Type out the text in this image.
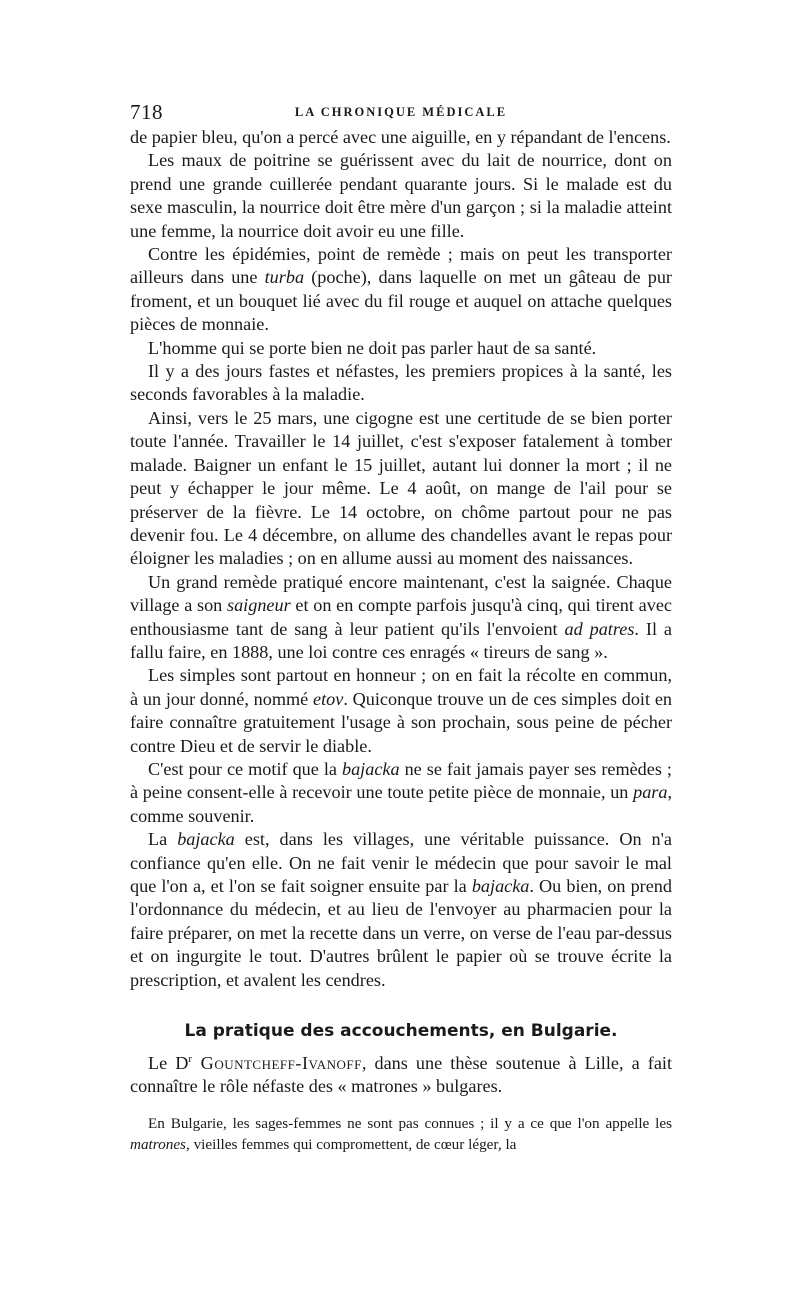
718	LA CHRONIQUE MÉDICALE

de papier bleu, qu'on a percé avec une aiguille, en y répandant de l'encens.

Les maux de poitrine se guérissent avec du lait de nourrice, dont on prend une grande cuillerée pendant quarante jours. Si le malade est du sexe masculin, la nourrice doit être mère d'un garçon ; si la maladie atteint une femme, la nourrice doit avoir eu une fille.

Contre les épidémies, point de remède ; mais on peut les transporter ailleurs dans une turba (poche), dans laquelle on met un gâteau de pur froment, et un bouquet lié avec du fil rouge et auquel on attache quelques pièces de monnaie.

L'homme qui se porte bien ne doit pas parler haut de sa santé.

Il y a des jours fastes et néfastes, les premiers propices à la santé, les seconds favorables à la maladie.

Ainsi, vers le 25 mars, une cigogne est une certitude de se bien porter toute l'année. Travailler le 14 juillet, c'est s'exposer fatalement à tomber malade. Baigner un enfant le 15 juillet, autant lui donner la mort ; il ne peut y échapper le jour même. Le 4 août, on mange de l'ail pour se préserver de la fièvre. Le 14 octobre, on chôme partout pour ne pas devenir fou. Le 4 décembre, on allume des chandelles avant le repas pour éloigner les maladies ; on en allume aussi au moment des naissances.

Un grand remède pratiqué encore maintenant, c'est la saignée. Chaque village a son saigneur et on en compte parfois jusqu'à cinq, qui tirent avec enthousiasme tant de sang à leur patient qu'ils l'envoient ad patres. Il a fallu faire, en 1888, une loi contre ces enragés « tireurs de sang ».

Les simples sont partout en honneur ; on en fait la récolte en commun, à un jour donné, nommé etov. Quiconque trouve un de ces simples doit en faire connaître gratuitement l'usage à son prochain, sous peine de pécher contre Dieu et de servir le diable.

C'est pour ce motif que la bajacka ne se fait jamais payer ses remèdes ; à peine consent-elle à recevoir une toute petite pièce de monnaie, un para, comme souvenir.

La bajacka est, dans les villages, une véritable puissance. On n'a confiance qu'en elle. On ne fait venir le médecin que pour savoir le mal que l'on a, et l'on se fait soigner ensuite par la bajacka. Ou bien, on prend l'ordonnance du médecin, et au lieu de l'envoyer au pharmacien pour la faire préparer, on met la recette dans un verre, on verse de l'eau par-dessus et on ingurgite le tout. D'autres brûlent le papier où se trouve écrite la prescription, et avalent les cendres.

La pratique des accouchements, en Bulgarie.

Le $D^r$ Gountcheff-Ivanoff, dans une thèse soutenue à Lille, a fait connaître le rôle néfaste des « matrones » bulgares.

En Bulgarie, les sages-femmes ne sont pas connues ; il y a ce que l'on appelle les matrones, vieilles femmes qui compromettent, de cœur léger, la
